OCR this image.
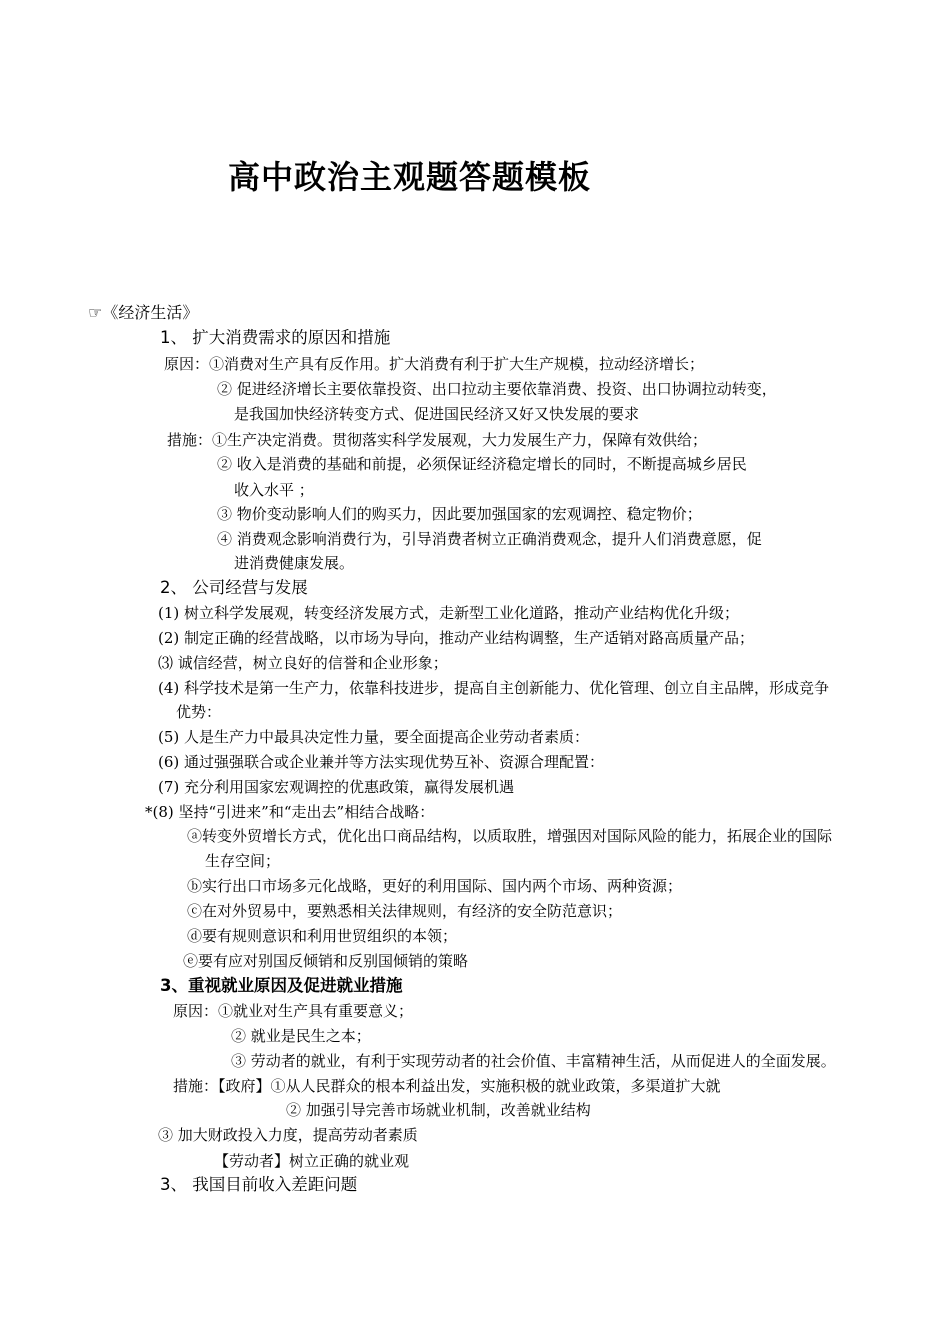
高中政治主观题答题模板
☞《经济生活》
1、 扩大消费需求的原因和措施
原因：①消费对生产具有反作用。扩大消费有利于扩大生产规模，拉动经济增长；
② 促进经济增长主要依靠投资、出口拉动主要依靠消费、投资、出口协调拉动转变，
是我国加快经济转变方式、促进国民经济又好又快发展的要求
措施：①生产决定消费。贯彻落实科学发展观，大力发展生产力，保障有效供给；
② 收入是消费的基础和前提，必须保证经济稳定增长的同时，不断提高城乡居民
收入水平 ；
③ 物价变动影响人们的购买力，因此要加强国家的宏观调控、稳定物价；
④ 消费观念影响消费行为，引导消费者树立正确消费观念，提升人们消费意愿，促
进消费健康发展。
2、 公司经营与发展
(1) 树立科学发展观，转变经济发展方式，走新型工业化道路，推动产业结构优化升级；
(2) 制定正确的经营战略，以市场为导向，推动产业结构调整，生产适销对路高质量产品；
⑶ 诚信经营，树立良好的信誉和企业形象；
(4) 科学技术是第一生产力，依靠科技进步，提高自主创新能力、优化管理、创立自主品牌，形成竞争
优势：
(5) 人是生产力中最具决定性力量，要全面提高企业劳动者素质：
(6) 通过强强联合或企业兼并等方法实现优势互补、资源合理配置：
(7) 充分利用国家宏观调控的优惠政策，赢得发展机遇
*(8) 坚持“引进来”和“走出去”相结合战略：
ⓐ转变外贸增长方式，优化出口商品结构，以质取胜，增强因对国际风险的能力，拓展企业的国际
生存空间；
ⓑ实行出口市场多元化战略，更好的利用国际、国内两个市场、两种资源；
ⓒ在对外贸易中，要熟悉相关法律规则，有经济的安全防范意识；
ⓓ要有规则意识和利用世贸组织的本领；
ⓔ要有应对别国反倾销和反别国倾销的策略
3、重视就业原因及促进就业措施
原因：①就业对生产具有重要意义；
② 就业是民生之本；
③ 劳动者的就业，有利于实现劳动者的社会价值、丰富精神生活，从而促进人的全面发展。
措施：【政府】①从人民群众的根本利益出发，实施积极的就业政策，多渠道扩大就
② 加强引导完善市场就业机制，改善就业结构
③ 加大财政投入力度，提高劳动者素质
【劳动者】树立正确的就业观
3、 我国目前收入差距问题
